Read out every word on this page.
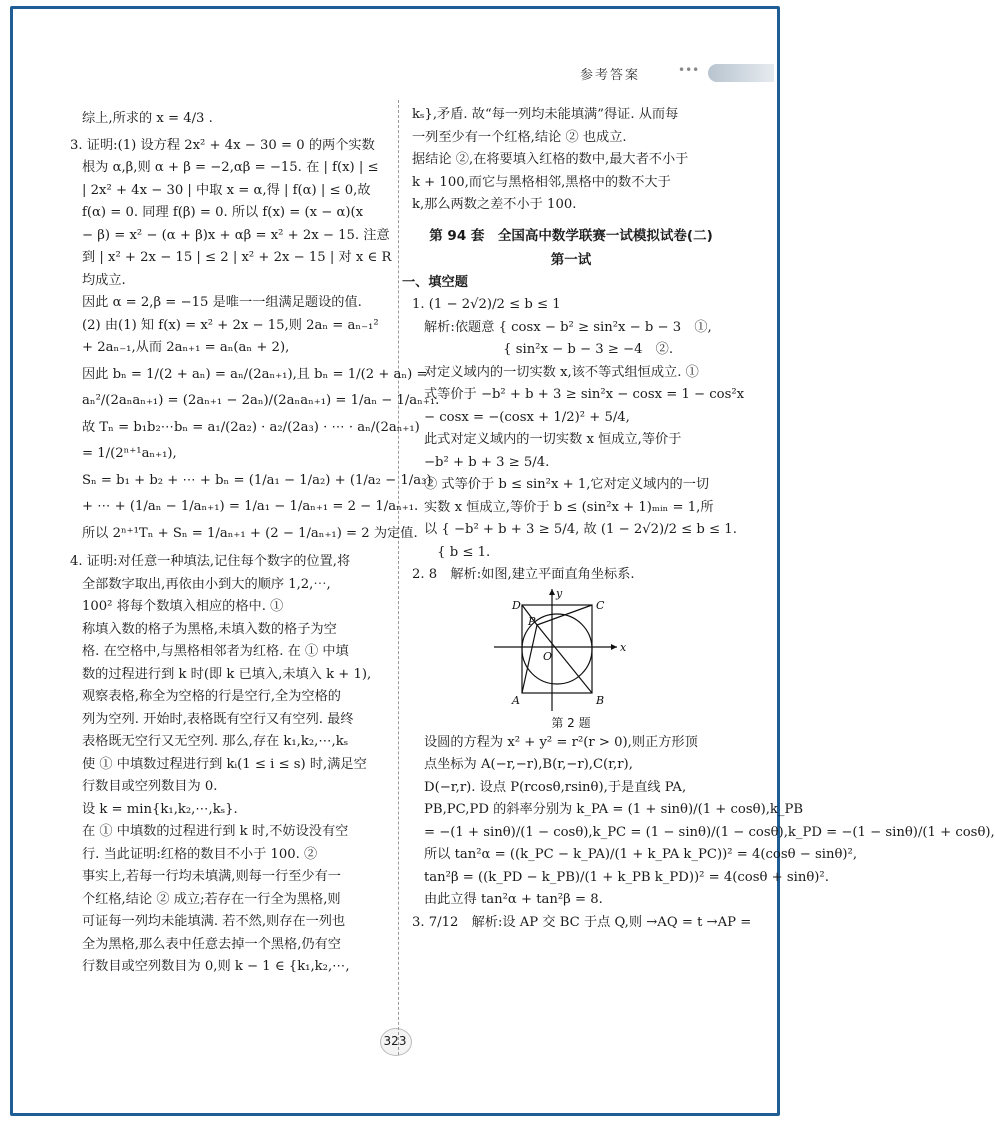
参考答案	•••
综上,所求的 x = 4/3 .
3. 证明:(1) 设方程 2x² + 4x − 30 = 0 的两个实数
根为 α,β,则 α + β = −2,αβ = −15. 在 | f(x) | ≤
| 2x² + 4x − 30 | 中取 x = α,得 | f(α) | ≤ 0,故
f(α) = 0. 同理 f(β) = 0. 所以 f(x) = (x − α)(x
− β) = x² − (α + β)x + αβ = x² + 2x − 15. 注意
到 | x² + 2x − 15 | ≤ 2 | x² + 2x − 15 | 对 x ∈ R
均成立.
因此 α = 2,β = −15 是唯一一组满足题设的值.
(2) 由(1) 知 f(x) = x² + 2x − 15,则 2aₙ = aₙ₋₁²
+ 2aₙ₋₁,从而 2aₙ₊₁ = aₙ(aₙ + 2),
因此 bₙ = 1/(2 + aₙ) = aₙ/(2aₙ₊₁),且 bₙ = 1/(2 + aₙ) =
aₙ²/(2aₙaₙ₊₁) = (2aₙ₊₁ − 2aₙ)/(2aₙaₙ₊₁) = 1/aₙ − 1/aₙ₊₁.
故 Tₙ = b₁b₂⋯bₙ = a₁/(2a₂) · a₂/(2a₃) · ⋯ · aₙ/(2aₙ₊₁)
= 1/(2ⁿ⁺¹aₙ₊₁),
Sₙ = b₁ + b₂ + ⋯ + bₙ = (1/a₁ − 1/a₂) + (1/a₂ − 1/a₃)
+ ⋯ + (1/aₙ − 1/aₙ₊₁) = 1/a₁ − 1/aₙ₊₁ = 2 − 1/aₙ₊₁.
所以 2ⁿ⁺¹Tₙ + Sₙ = 1/aₙ₊₁ + (2 − 1/aₙ₊₁) = 2 为定值.
4. 证明:对任意一种填法,记住每个数字的位置,将
全部数字取出,再依由小到大的顺序 1,2,⋯,
100² 将每个数填入相应的格中. ①
称填入数的格子为黑格,未填入数的格子为空
格. 在空格中,与黑格相邻者为红格. 在 ① 中填
数的过程进行到 k 时(即 k 已填入,未填入 k + 1),
观察表格,称全为空格的行是空行,全为空格的
列为空列. 开始时,表格既有空行又有空列. 最终
表格既无空行又无空列. 那么,存在 k₁,k₂,⋯,kₛ
使 ① 中填数过程进行到 kᵢ(1 ≤ i ≤ s) 时,满足空
行数目或空列数目为 0.
设 k = min{k₁,k₂,⋯,kₛ}.
在 ① 中填数的过程进行到 k 时,不妨设没有空
行. 当此证明:红格的数目不小于 100. ②
事实上,若每一行均未填满,则每一行至少有一
个红格,结论 ② 成立;若存在一行全为黑格,则
可证每一列均未能填满. 若不然,则存在一列也
全为黑格,那么表中任意去掉一个黑格,仍有空
行数目或空列数目为 0,则 k − 1 ∈ {k₁,k₂,⋯,
kₛ},矛盾. 故“每一列均未能填满”得证. 从而每
一列至少有一个红格,结论 ② 也成立.
据结论 ②,在将要填入红格的数中,最大者不小于
k + 100,而它与黑格相邻,黑格中的数不大于
k,那么两数之差不小于 100.
第 94 套　全国高中数学联赛一试模拟试卷(二)
第一试
一、填空题
1. (1 − 2√2)/2 ≤ b ≤ 1
解析:依题意 { cosx − b² ≥ sin²x − b − 3　①,
　　　　　　{ sin²x − b − 3 ≥ −4　②.
对定义域内的一切实数 x,该不等式组恒成立. ①
式等价于 −b² + b + 3 ≥ sin²x − cosx = 1 − cos²x
− cosx = −(cosx + 1/2)² + 5/4,
此式对定义域内的一切实数 x 恒成立,等价于
−b² + b + 3 ≥ 5/4.
② 式等价于 b ≤ sin²x + 1,它对定义域内的一切
实数 x 恒成立,等价于 b ≤ (sin²x + 1)ₘᵢₙ = 1,所
以 { −b² + b + 3 ≥ 5/4, 故 (1 − 2√2)/2 ≤ b ≤ 1.
　{ b ≤ 1.
2. 8　解析:如图,建立平面直角坐标系.
D	C
A	B
P
O
x
y
第 2 题
设圆的方程为 x² + y² = r²(r > 0),则正方形顶
点坐标为 A(−r,−r),B(r,−r),C(r,r),
D(−r,r). 设点 P(rcosθ,rsinθ),于是直线 PA,
PB,PC,PD 的斜率分别为 k_PA = (1 + sinθ)/(1 + cosθ),k_PB
= −(1 + sinθ)/(1 − cosθ),k_PC = (1 − sinθ)/(1 − cosθ),k_PD = −(1 − sinθ)/(1 + cosθ),
所以 tan²α = ((k_PC − k_PA)/(1 + k_PA k_PC))² = 4(cosθ − sinθ)²,
tan²β = ((k_PD − k_PB)/(1 + k_PB k_PD))² = 4(cosθ + sinθ)².
由此立得 tan²α + tan²β = 8.
3. 7/12　解析:设 AP 交 BC 于点 Q,则 →AQ = t →AP =
323
